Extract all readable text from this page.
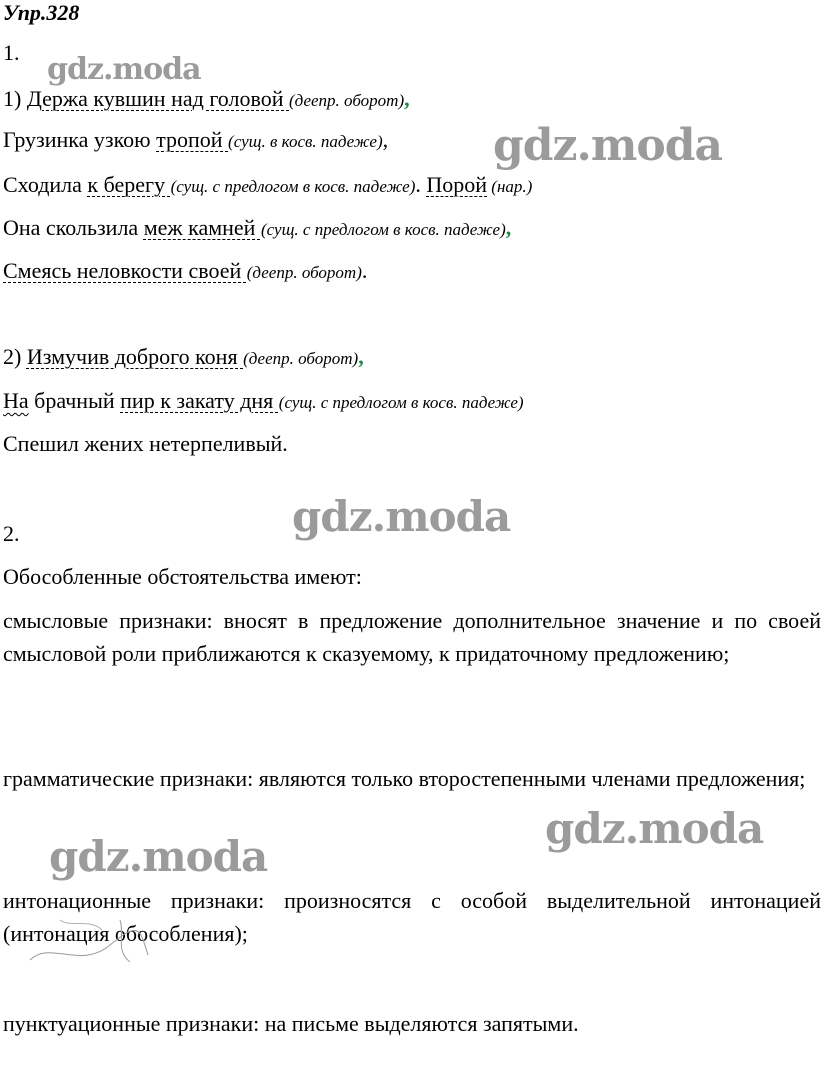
Упр.328
1.
1) Держа кувшин над головой (деепр. оборот),
Грузинка узкою тропой (сущ. в косв. падеже),
Сходила к берегу (сущ. с предлогом в косв. падеже). Порой (нар.)
Она скользила меж камней (сущ. с предлогом в косв. падеже),
Смеясь неловкости своей (деепр. оборот).
2) Измучив доброго коня (деепр. оборот),
На брачный пир к закату дня (сущ. с предлогом в косв. падеже)
Спешил жених нетерпеливый.
2.
Обособленные обстоятельства имеют:
смысловые признаки: вносят в предложение дополнительное значение и по своей смысловой роли приближаются к сказуемому, к придаточному предложению;
грамматические признаки: являются только второстепенными членами предложения;
интонационные признаки: произносятся с особой выделительной интонацией (интонация обособления);
пунктуационные признаки: на письме выделяются запятыми.
gdz.moda
gdz.moda
gdz.moda
gdz.moda
gdz.moda
